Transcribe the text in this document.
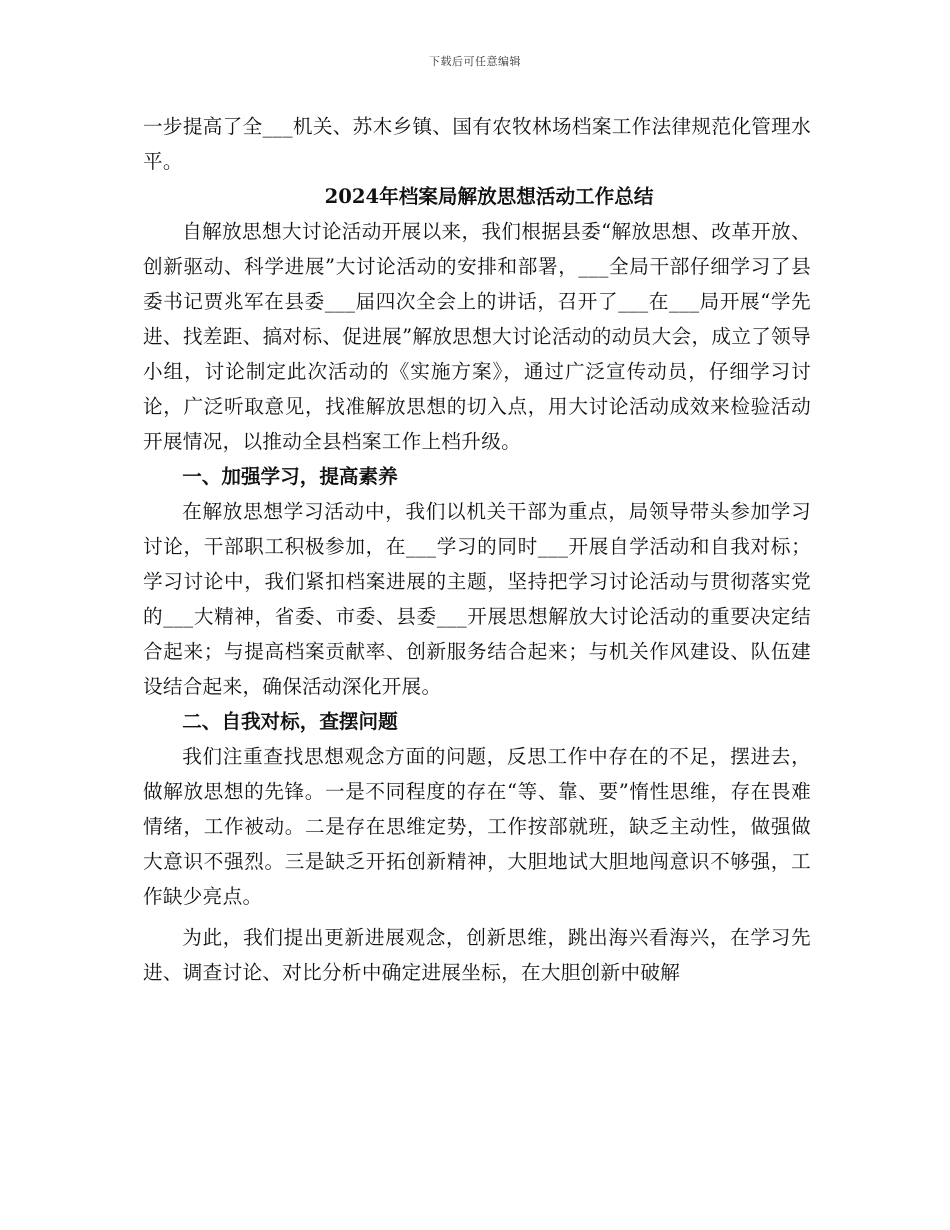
下载后可任意编辑

一步提高了全___机关、苏木乡镇、国有农牧林场档案工作法律规范化管理水平。

2024年档案局解放思想活动工作总结

自解放思想大讨论活动开展以来，我们根据县委“解放思想、改革开放、创新驱动、科学进展”大讨论活动的安排和部署，___全局干部仔细学习了县委书记贾兆军在县委___届四次全会上的讲话，召开了___在___局开展“学先进、找差距、搞对标、促进展”解放思想大讨论活动的动员大会，成立了领导小组，讨论制定此次活动的《实施方案》，通过广泛宣传动员，仔细学习讨论，广泛听取意见，找准解放思想的切入点，用大讨论活动成效来检验活动开展情况，以推动全县档案工作上档升级。

一、加强学习，提高素养

在解放思想学习活动中，我们以机关干部为重点，局领导带头参加学习讨论，干部职工积极参加，在___学习的同时___开展自学活动和自我对标；学习讨论中，我们紧扣档案进展的主题，坚持把学习讨论活动与贯彻落实党的___大精神，省委、市委、县委___开展思想解放大讨论活动的重要决定结合起来；与提高档案贡献率、创新服务结合起来；与机关作风建设、队伍建设结合起来，确保活动深化开展。

二、自我对标，查摆问题

我们注重查找思想观念方面的问题，反思工作中存在的不足，摆进去，做解放思想的先锋。一是不同程度的存在“等、靠、要”惰性思维，存在畏难情绪，工作被动。二是存在思维定势，工作按部就班，缺乏主动性，做强做大意识不强烈。三是缺乏开拓创新精神，大胆地试大胆地闯意识不够强，工作缺少亮点。

为此，我们提出更新进展观念，创新思维，跳出海兴看海兴，在学习先进、调查讨论、对比分析中确定进展坐标，在大胆创新中破解
